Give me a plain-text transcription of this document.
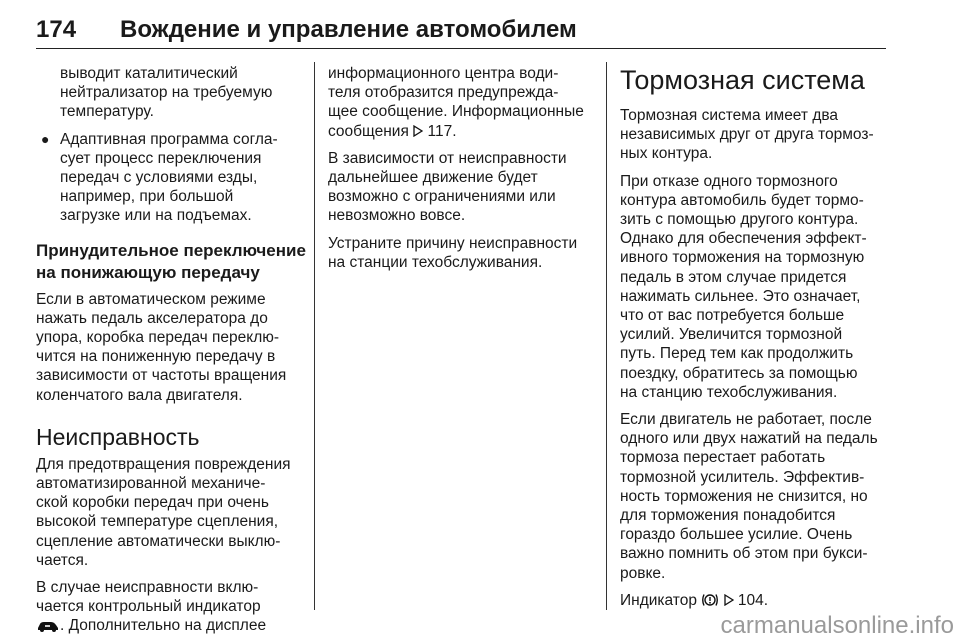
174 Вождение и управление автомобилем
выводит каталитический
нейтрализатор на требуемую
температуру.
● Адаптивная программа согла-
сует процесс переключения
передач с условиями езды,
например, при большой
загрузке или на подъемах.
Принудительное переключение
на понижающую передачу
Если в автоматическом режиме
нажать педаль акселератора до
упора, коробка передач переклю-
чится на пониженную передачу в
зависимости от частоты вращения
коленчатого вала двигателя.
Неисправность
Для предотвращения повреждения
автоматизированной механиче-
ской коробки передач при очень
высокой температуре сцепления,
сцепление автоматически выклю-
чается.
В случае неисправности вклю-
чается контрольный индикатор
. Дополнительно на дисплее
информационного центра води-
теля отобразится предупрежда-
щее сообщение. Информационные
сообщения 117.
В зависимости от неисправности
дальнейшее движение будет
возможно с ограничениями или
невозможно вовсе.
Устраните причину неисправности
на станции техобслуживания.
Тормозная система
Тормозная система имеет два
независимых друг от друга тормоз-
ных контура.
При отказе одного тормозного
контура автомобиль будет тормо-
зить с помощью другого контура.
Однако для обеспечения эффект-
ивного торможения на тормозную
педаль в этом случае придется
нажимать сильнее. Это означает,
что от вас потребуется больше
усилий. Увеличится тормозной
путь. Перед тем как продолжить
поездку, обратитесь за помощью
на станцию техобслуживания.
Если двигатель не работает, после
одного или двух нажатий на педаль
тормоза перестает работать
тормозной усилитель. Эффектив-
ность торможения не снизится, но
для торможения понадобится
гораздо большее усилие. Очень
важно помнить об этом при букси-
ровке.
Индикатор	104.
carmanualsonline.info
